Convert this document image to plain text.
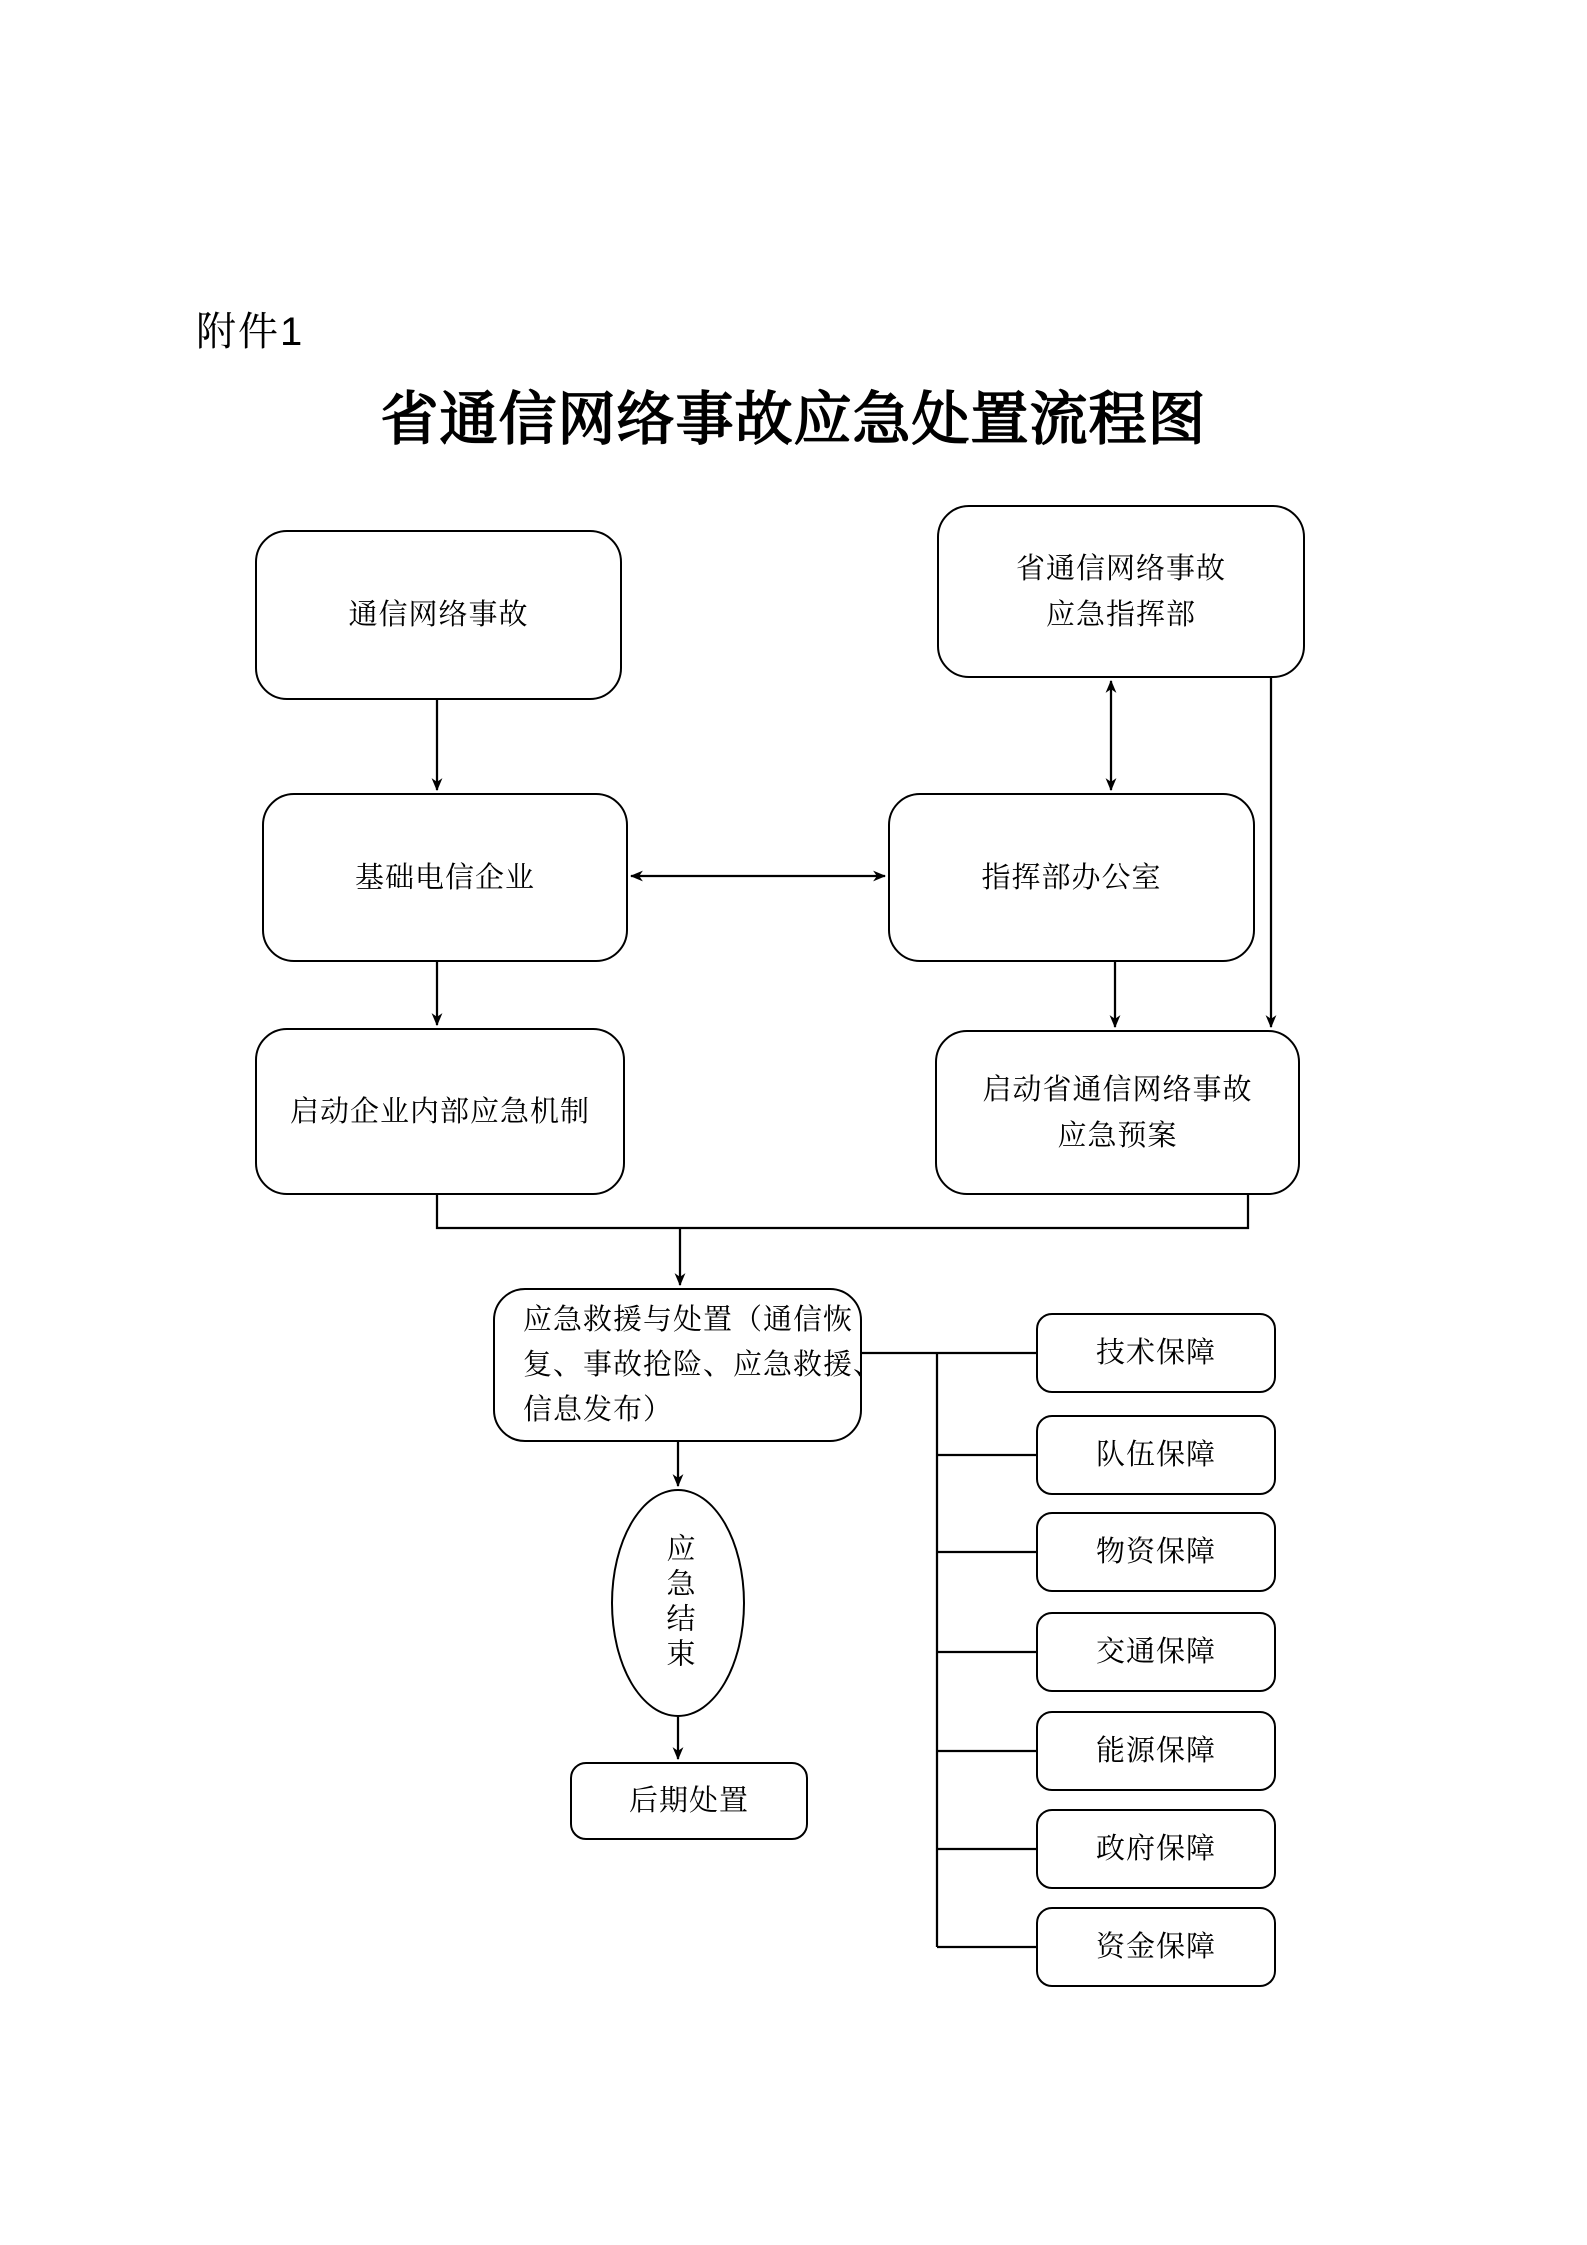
附件1
省通信网络事故应急处置流程图
通信网络事故
省通信网络事故
应急指挥部
基础电信企业	指挥部办公室
启动企业内部应急机制
启动省通信网络事故
应急预案
应急救援与处置（通信恢
复、事故抢险、应急救援、
信息发布）
应急结束
后期处置
技术保障
队伍保障
物资保障
交通保障
能源保障
政府保障
资金保障
